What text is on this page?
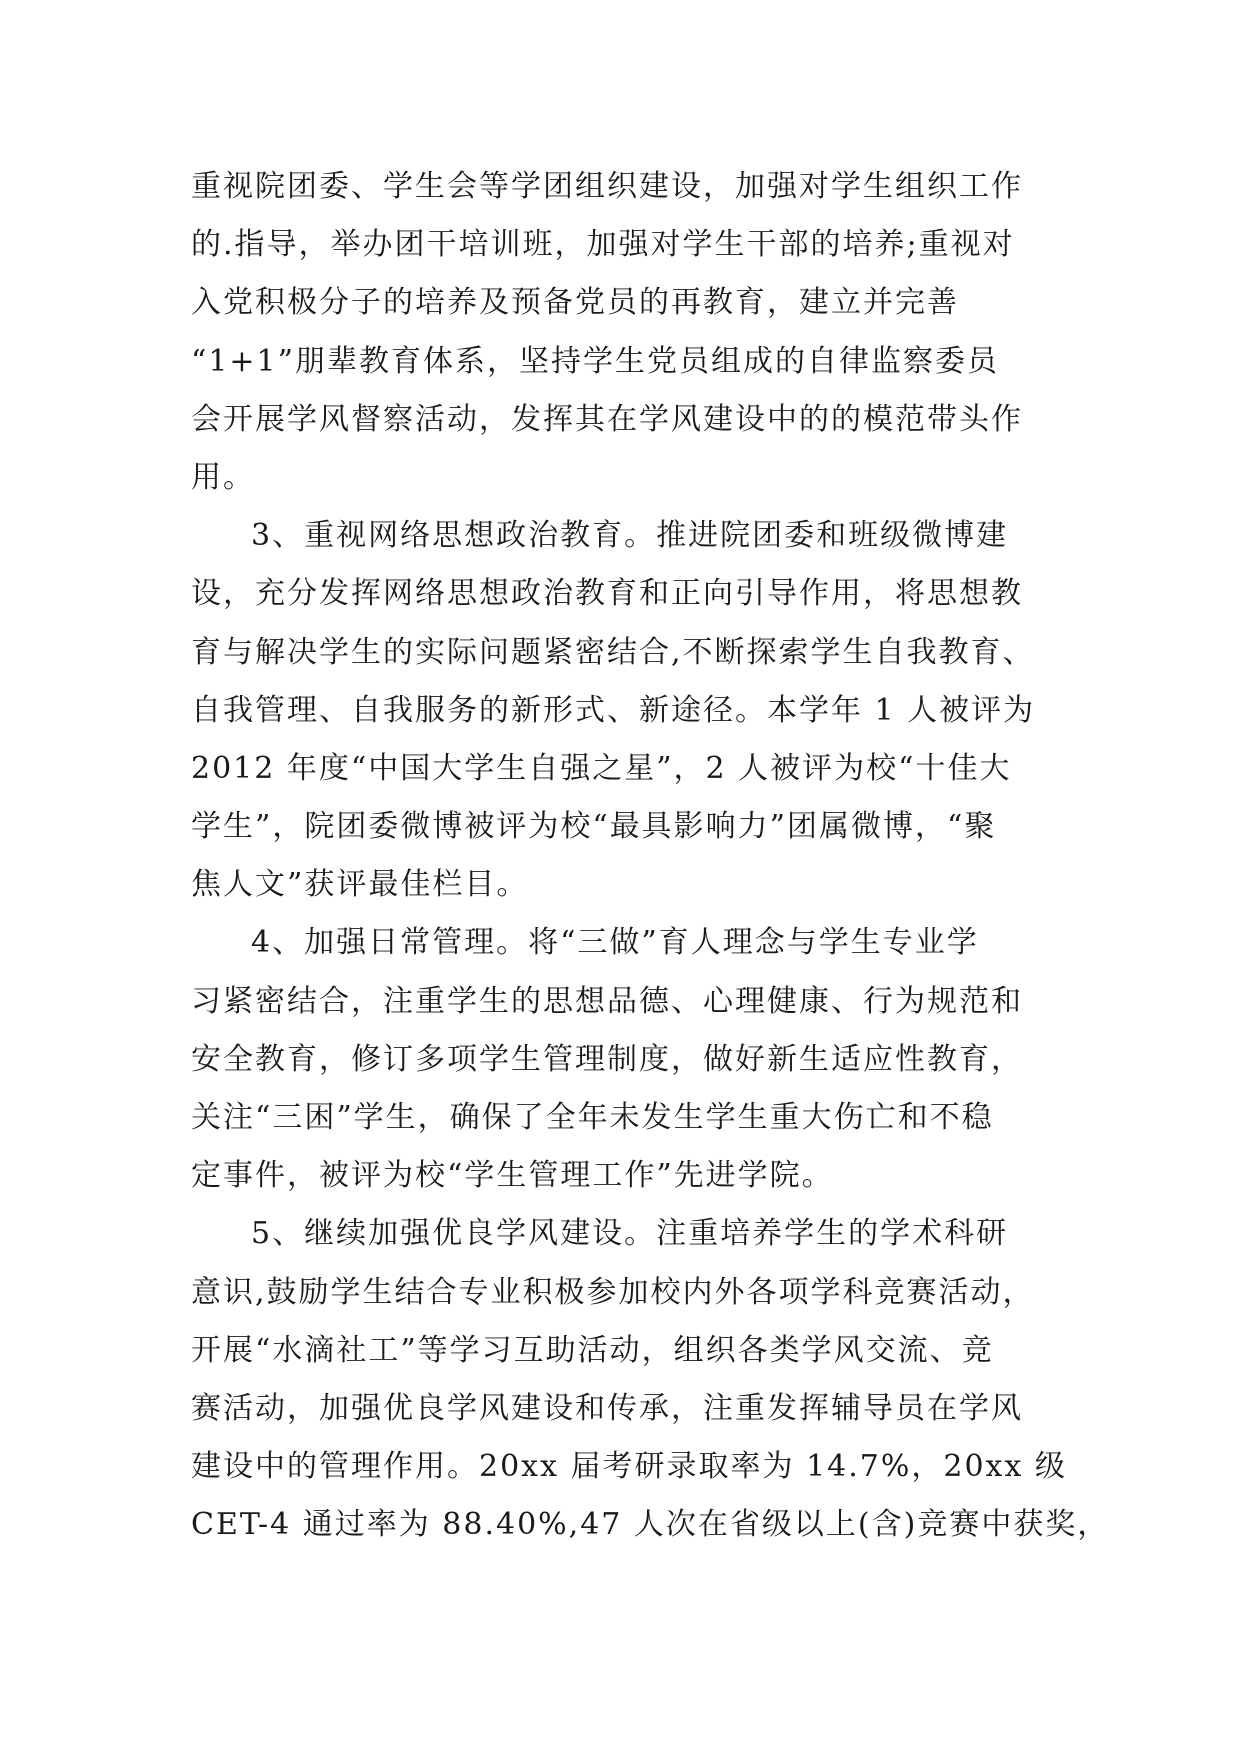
重视院团委、学生会等学团组织建设，加强对学生组织工作
的.指导，举办团干培训班，加强对学生干部的培养;重视对
入党积极分子的培养及预备党员的再教育，建立并完善
“1+1”朋辈教育体系，坚持学生党员组成的自律监察委员
会开展学风督察活动，发挥其在学风建设中的的模范带头作
用。
3、重视网络思想政治教育。推进院团委和班级微博建
设，充分发挥网络思想政治教育和正向引导作用，将思想教
育与解决学生的实际问题紧密结合,不断探索学生自我教育、
自我管理、自我服务的新形式、新途径。本学年 1 人被评为
2012 年度“中国大学生自强之星”，2 人被评为校“十佳大
学生”，院团委微博被评为校“最具影响力”团属微博，“聚
焦人文”获评最佳栏目。
4、加强日常管理。将“三做”育人理念与学生专业学
习紧密结合，注重学生的思想品德、心理健康、行为规范和
安全教育，修订多项学生管理制度，做好新生适应性教育，
关注“三困”学生，确保了全年未发生学生重大伤亡和不稳
定事件，被评为校“学生管理工作”先进学院。
5、继续加强优良学风建设。注重培养学生的学术科研
意识,鼓励学生结合专业积极参加校内外各项学科竞赛活动，
开展“水滴社工”等学习互助活动，组织各类学风交流、竞
赛活动，加强优良学风建设和传承，注重发挥辅导员在学风
建设中的管理作用。20xx 届考研录取率为 14.7%，20xx 级
CET-4 通过率为 88.40%,47 人次在省级以上(含)竞赛中获奖，
